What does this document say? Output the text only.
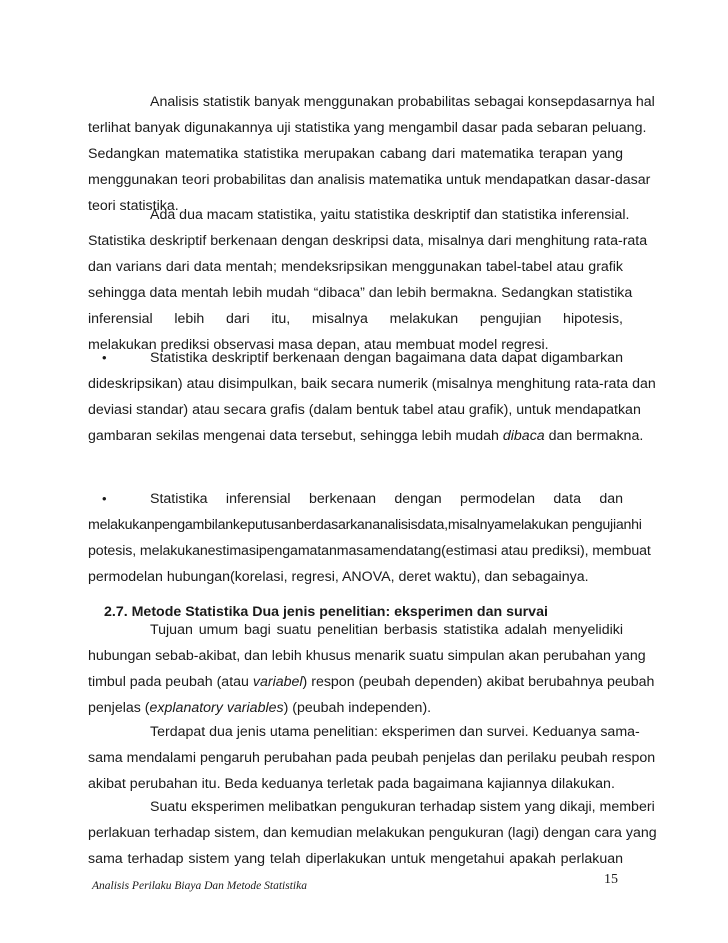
Analisis statistik banyak menggunakan probabilitas sebagai konsepdasarnya hal
terlihat banyak digunakannya uji statistika yang mengambil dasar pada sebaran peluang.
Sedangkan matematika statistika merupakan cabang dari matematika terapan yang
menggunakan teori probabilitas dan analisis matematika untuk mendapatkan dasar-dasar
teori statistika.
Ada dua macam statistika, yaitu statistika deskriptif dan statistika inferensial.
Statistika deskriptif berkenaan dengan deskripsi data, misalnya dari menghitung rata-rata
dan varians dari data mentah; mendeksripsikan menggunakan tabel-tabel atau grafik
sehingga data mentah lebih mudah “dibaca” dan lebih bermakna. Sedangkan statistika
inferensial lebih dari itu, misalnya melakukan pengujian hipotesis,
melakukan prediksi observasi masa depan, atau membuat model regresi.
•	Statistika deskriptif berkenaan dengan bagaimana data dapat digambarkan
dideskripsikan) atau disimpulkan, baik secara numerik (misalnya menghitung rata-rata dan
deviasi standar) atau secara grafis (dalam bentuk tabel atau grafik), untuk mendapatkan
gambaran sekilas mengenai data tersebut, sehingga lebih mudah dibaca dan bermakna.
•	Statistika inferensial berkenaan dengan permodelan data dan
melakukanpengambilankeputusanberdasarkananalisisdata,misalnyamelakukan pengujianhi
potesis, melakukanestimasipengamatanmasamendatang(estimasi atau prediksi), membuat
permodelan hubungan(korelasi, regresi, ANOVA, deret waktu), dan sebagainya.
2.7. Metode Statistika Dua jenis penelitian: eksperimen dan survai
Tujuan umum bagi suatu penelitian berbasis statistika adalah menyelidiki
hubungan sebab-akibat, dan lebih khusus menarik suatu simpulan akan perubahan yang
timbul pada peubah (atau variabel) respon (peubah dependen) akibat berubahnya peubah
penjelas (explanatory variables) (peubah independen).
Terdapat dua jenis utama penelitian: eksperimen dan survei. Keduanya sama-
sama mendalami pengaruh perubahan pada peubah penjelas dan perilaku peubah respon
akibat perubahan itu. Beda keduanya terletak pada bagaimana kajiannya dilakukan.
Suatu eksperimen melibatkan pengukuran terhadap sistem yang dikaji, memberi
perlakuan terhadap sistem, dan kemudian melakukan pengukuran (lagi) dengan cara yang
sama terhadap sistem yang telah diperlakukan untuk mengetahui apakah perlakuan
15
Analisis Perilaku Biaya Dan Metode Statistika
